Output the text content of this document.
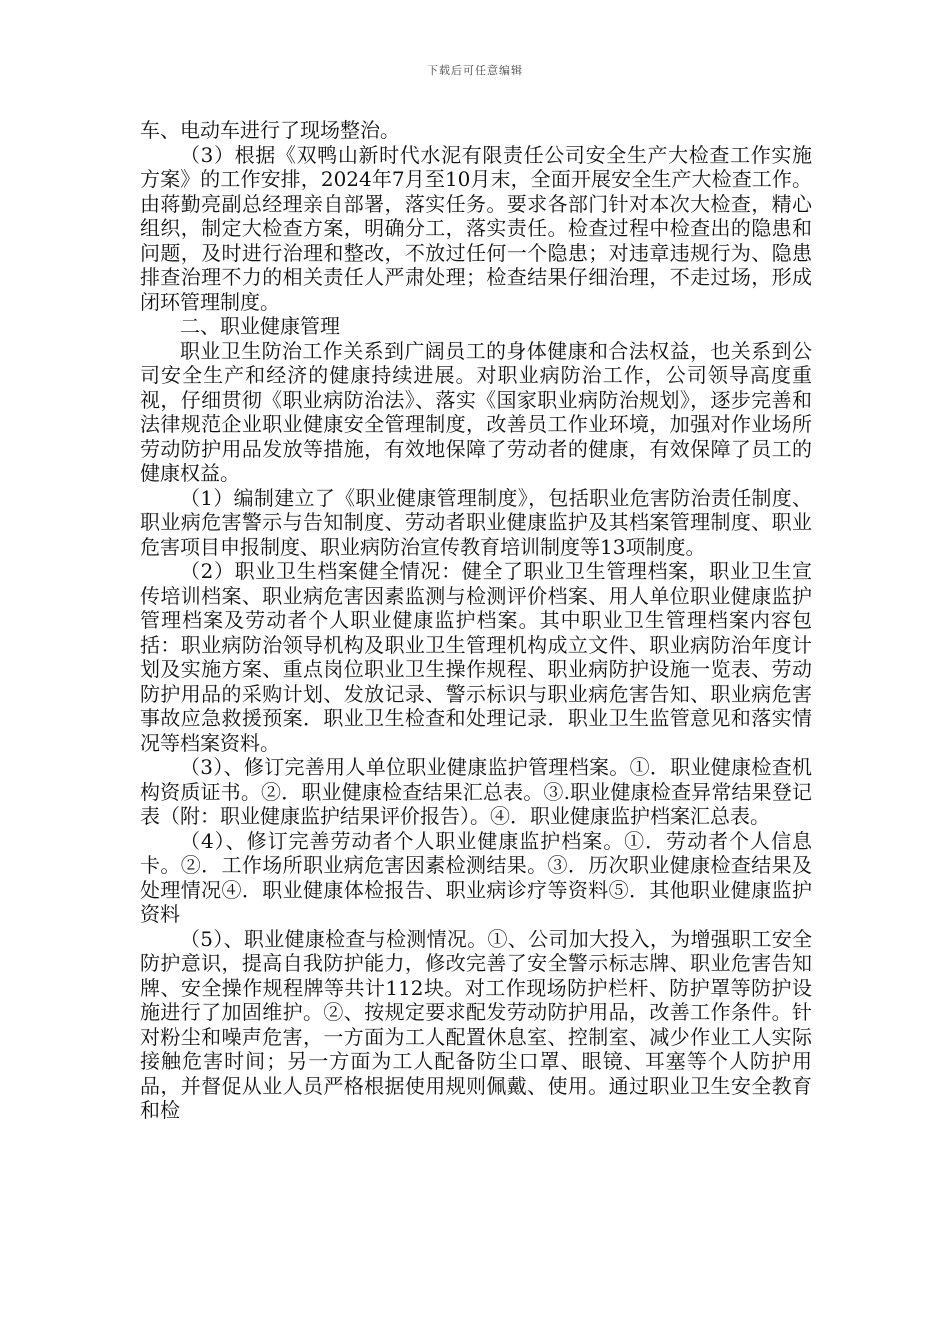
下载后可任意编辑

车、电动车进行了现场整治。

（3）根据《双鸭山新时代水泥有限责任公司安全生产大检查工作实施方案》的工作安排，2024年7月至10月末，全面开展安全生产大检查工作。由蒋勤亮副总经理亲自部署，落实任务。要求各部门针对本次大检查，精心组织，制定大检查方案，明确分工，落实责任。检查过程中检查出的隐患和问题，及时进行治理和整改，不放过任何一个隐患；对违章违规行为、隐患排查治理不力的相关责任人严肃处理；检查结果仔细治理，不走过场，形成闭环管理制度。

二、职业健康管理

职业卫生防治工作关系到广阔员工的身体健康和合法权益，也关系到公司安全生产和经济的健康持续进展。对职业病防治工作，公司领导高度重视，仔细贯彻《职业病防治法》、落实《国家职业病防治规划》，逐步完善和法律规范企业职业健康安全管理制度，改善员工作业环境，加强对作业场所劳动防护用品发放等措施，有效地保障了劳动者的健康，有效保障了员工的健康权益。

（1）编制建立了《职业健康管理制度》，包括职业危害防治责任制度、职业病危害警示与告知制度、劳动者职业健康监护及其档案管理制度、职业危害项目申报制度、职业病防治宣传教育培训制度等13项制度。

（2）职业卫生档案健全情况：健全了职业卫生管理档案，职业卫生宣传培训档案、职业病危害因素监测与检测评价档案、用人单位职业健康监护管理档案及劳动者个人职业健康监护档案。其中职业卫生管理档案内容包括：职业病防治领导机构及职业卫生管理机构成立文件、职业病防治年度计划及实施方案、重点岗位职业卫生操作规程、职业病防护设施一览表、劳动防护用品的采购计划、发放记录、警示标识与职业病危害告知、职业病危害事故应急救援预案．职业卫生检查和处理记录．职业卫生监管意见和落实情况等档案资料。

（3）、修订完善用人单位职业健康监护管理档案。①．职业健康检查机构资质证书。②．职业健康检查结果汇总表。③.职业健康检查异常结果登记表（附：职业健康监护结果评价报告）。④．职业健康监护档案汇总表。

（4）、修订完善劳动者个人职业健康监护档案。①．劳动者个人信息卡。②．工作场所职业病危害因素检测结果。③．历次职业健康检查结果及处理情况④．职业健康体检报告、职业病诊疗等资料⑤．其他职业健康监护资料

（5）、职业健康检查与检测情况。①、公司加大投入，为增强职工安全防护意识，提高自我防护能力，修改完善了安全警示标志牌、职业危害告知牌、安全操作规程牌等共计112块。对工作现场防护栏杆、防护罩等防护设施进行了加固维护。②、按规定要求配发劳动防护用品，改善工作条件。针对粉尘和噪声危害，一方面为工人配置休息室、控制室、减少作业工人实际接触危害时间；另一方面为工人配备防尘口罩、眼镜、耳塞等个人防护用品，并督促从业人员严格根据使用规则佩戴、使用。通过职业卫生安全教育和检
